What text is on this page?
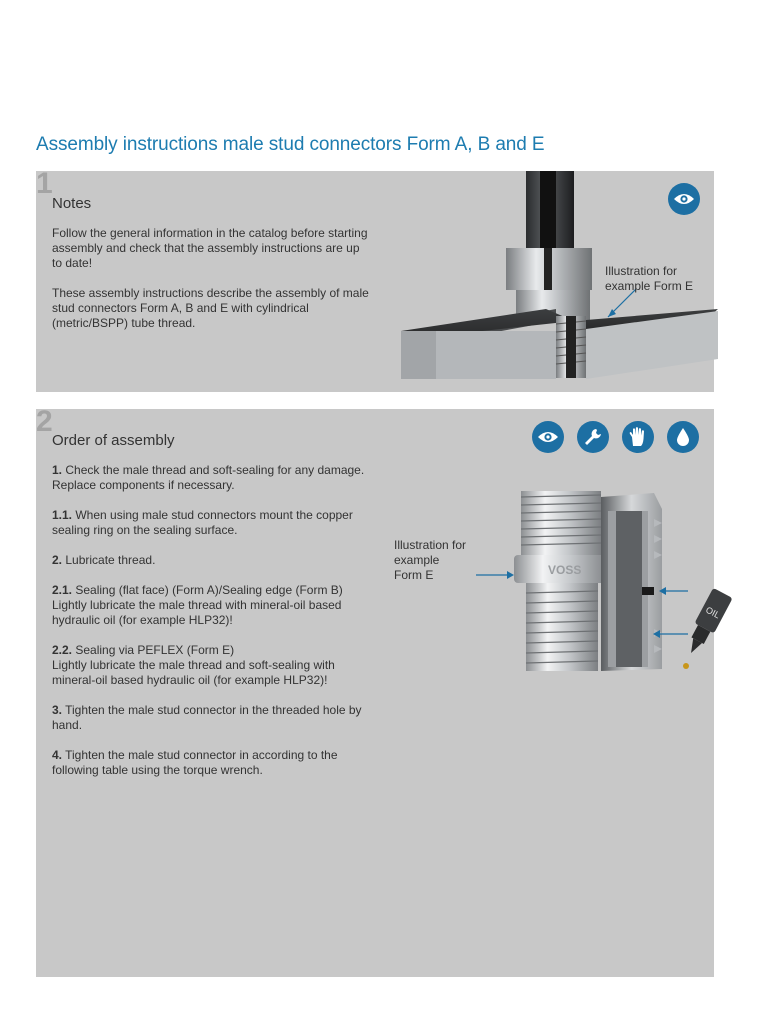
Assembly instructions male stud connectors Form A, B and E
1
Notes

Follow the general information in the catalog before starting assembly and check that the assembly instructions are up to date!

These assembly instructions describe the assembly of male stud connectors Form A, B and E with cylindrical (metric/BSPP) tube thread.

Illustration for
example Form E
2
Order of assembly

1. Check the male thread and soft-sealing for any damage. Replace components if necessary.

1.1. When using male stud connectors mount the copper sealing ring on the sealing surface.

2. Lubricate thread.

2.1. Sealing (flat face) (Form A)/Sealing edge (Form B)
Lightly lubricate the male thread with mineral-oil based hydraulic oil (for example HLP32)!

2.2. Sealing via PEFLEX (Form E)
Lightly lubricate the male thread and soft-sealing with mineral-oil based hydraulic oil (for example HLP32)!

3. Tighten the male stud connector in the threaded hole by hand.

4. Tighten the male stud connector in according to the following table using the torque wrench.

VOSS
OIL
Illustration for
example
Form E
